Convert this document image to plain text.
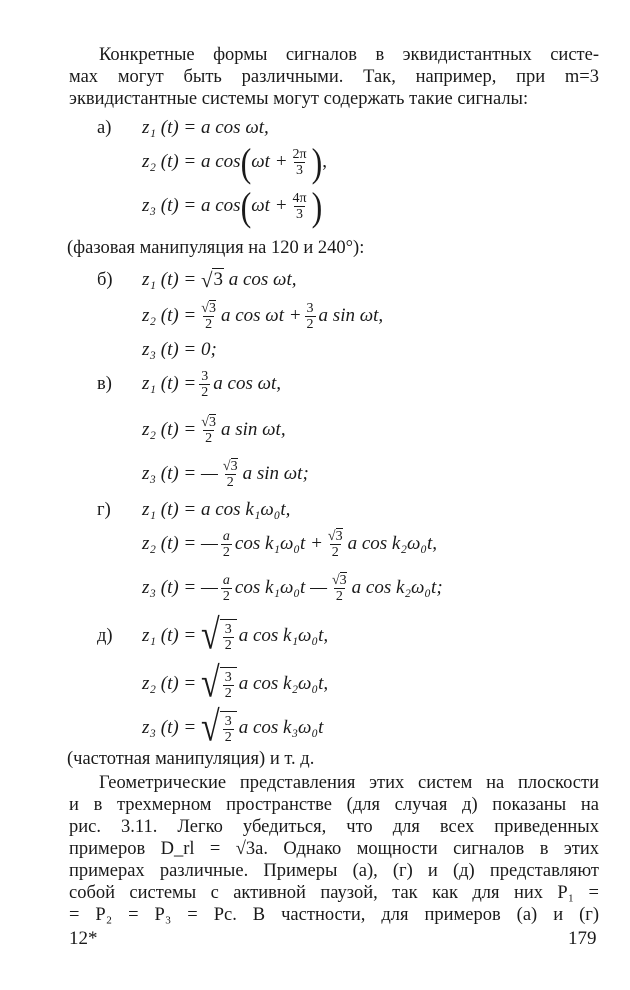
Конкретные формы сигналов в эквидистантных систе-
мах могут быть различными. Так, например, при m=3
эквидистантные системы могут содержать такие сигналы:
а) z₁ (t) = a cos ωt,
z₂ (t) = a cos ( $\omega t + \frac{2\pi}{3}$ ) ,
z₃ (t) = a cos ( $\omega t + \frac{4\pi}{3}$ )
(фазовая манипуляция на 120 и 240°):
б) z₁ (t) =
√ 3
a cos ωt,
z₂ $(t) = \frac{√3}{2}$ a $\cos \omega t + \frac{3}{2}$ a sin ωt,
z₃ (t) = 0;
в) z₁ $(t) = \frac{3}{2}$ a cos ωt,
z₂ $(t) = \frac{√3}{2}$ a sin ωt,
z₃ (t) = — $\frac{√3}{2}$ a sin ωt;
г) z₁ (t) = a cos k₁ω₀t,
z₂ (t) = — $\frac{a}{2}$ $\cos k_1\omega_0t + \frac{√3}{2}$ a cos k₂ω₀t,
z₃ (t) = — $\frac{a}{2}$ cos k₁ω₀t — $\frac{√3}{2}$ a cos k₂ω₀t;
д) z₁ (t) =
√ $\frac{3}{2}$ a cos k₁ω₀t,
z₂ (t) =
√ $\frac{3}{2}$ a cos k₂ω₀t,
z₃ (t) =
√ $\frac{3}{2}$ a cos k₃ω₀t
(частотная манипуляция) и т. д.
Геометрические представления этих систем на плоскости
и в трехмерном пространстве (для случая д) показаны на
рис. 3.11. Легко убедиться, что для всех приведенных
примеров D_rl = √3a. Однако мощности сигналов в этих
примерах различные. Примеры (а), (г) и (д) представляют
собой системы с активной паузой, так как для них P₁ =
= P₂ = P₃ = Pc. В частности, для примеров (а) и (г)
12*	179
